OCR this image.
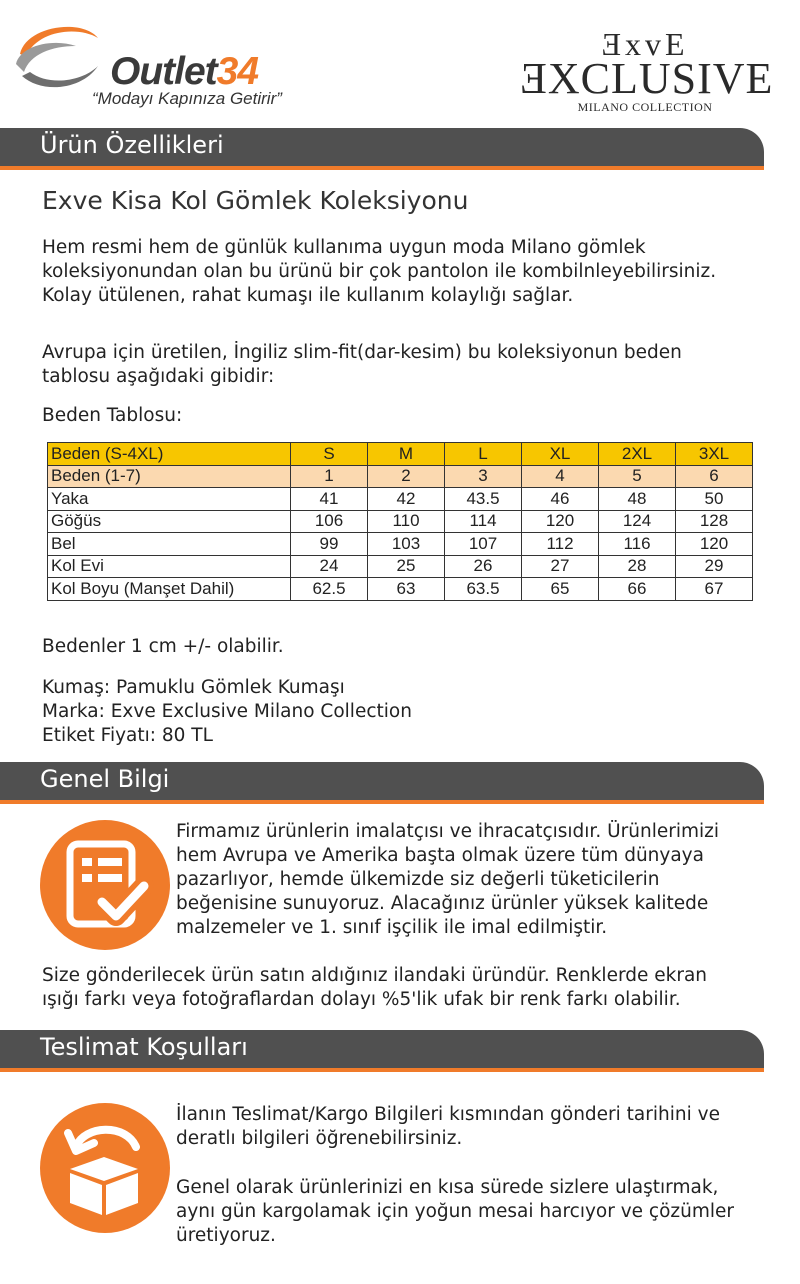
Outlet34
“Modayı Kapınıza Getirir”
ƎxvE
ƎXCLUSIVE
MILANO COLLECTION
Ürün Özellikleri
Exve Kisa Kol Gömlek Koleksiyonu
Hem resmi hem de günlük kullanıma uygun moda Milano gömlek
koleksiyonundan olan bu ürünü bir çok pantolon ile kombilnleyebilirsiniz.
Kolay ütülenen, rahat kumaşı ile kullanım kolaylığı sağlar.
Avrupa için üretilen, İngiliz slim-fit(dar-kesim) bu koleksiyonun beden
tablosu aşağıdaki gibidir:
Beden Tablosu:
Beden (S-4XL)	S	M	L	XL	2XL	3XL
Beden (1-7)	1	2	3	4	5	6
Yaka	41	42	43.5	46	48	50
Göğüs	106	110	114	120	124	128
Bel	99	103	107	112	116	120
Kol Evi	24	25	26	27	28	29
Kol Boyu (Manşet Dahil)	62.5	63	63.5	65	66	67
Bedenler 1 cm +/- olabilir.
Kumaş: Pamuklu Gömlek Kumaşı
Marka: Exve Exclusive Milano Collection
Etiket Fiyatı: 80 TL
Genel Bilgi
Firmamız ürünlerin imalatçısı ve ihracatçısıdır. Ürünlerimizi
hem Avrupa ve Amerika başta olmak üzere tüm dünyaya
pazarlıyor, hemde ülkemizde siz değerli tüketicilerin
beğenisine sunuyoruz. Alacağınız ürünler yüksek kalitede
malzemeler ve 1. sınıf işçilik ile imal edilmiştir.
Size gönderilecek ürün satın aldığınız ilandaki üründür. Renklerde ekran
ışığı farkı veya fotoğraflardan dolayı %5'lik ufak bir renk farkı olabilir.
Teslimat Koşulları
İlanın Teslimat/Kargo Bilgileri kısmından gönderi tarihini ve
deratlı bilgileri öğrenebilirsiniz.
Genel olarak ürünlerinizi en kısa sürede sizlere ulaştırmak,
aynı gün kargolamak için yoğun mesai harcıyor ve çözümler
üretiyoruz.
